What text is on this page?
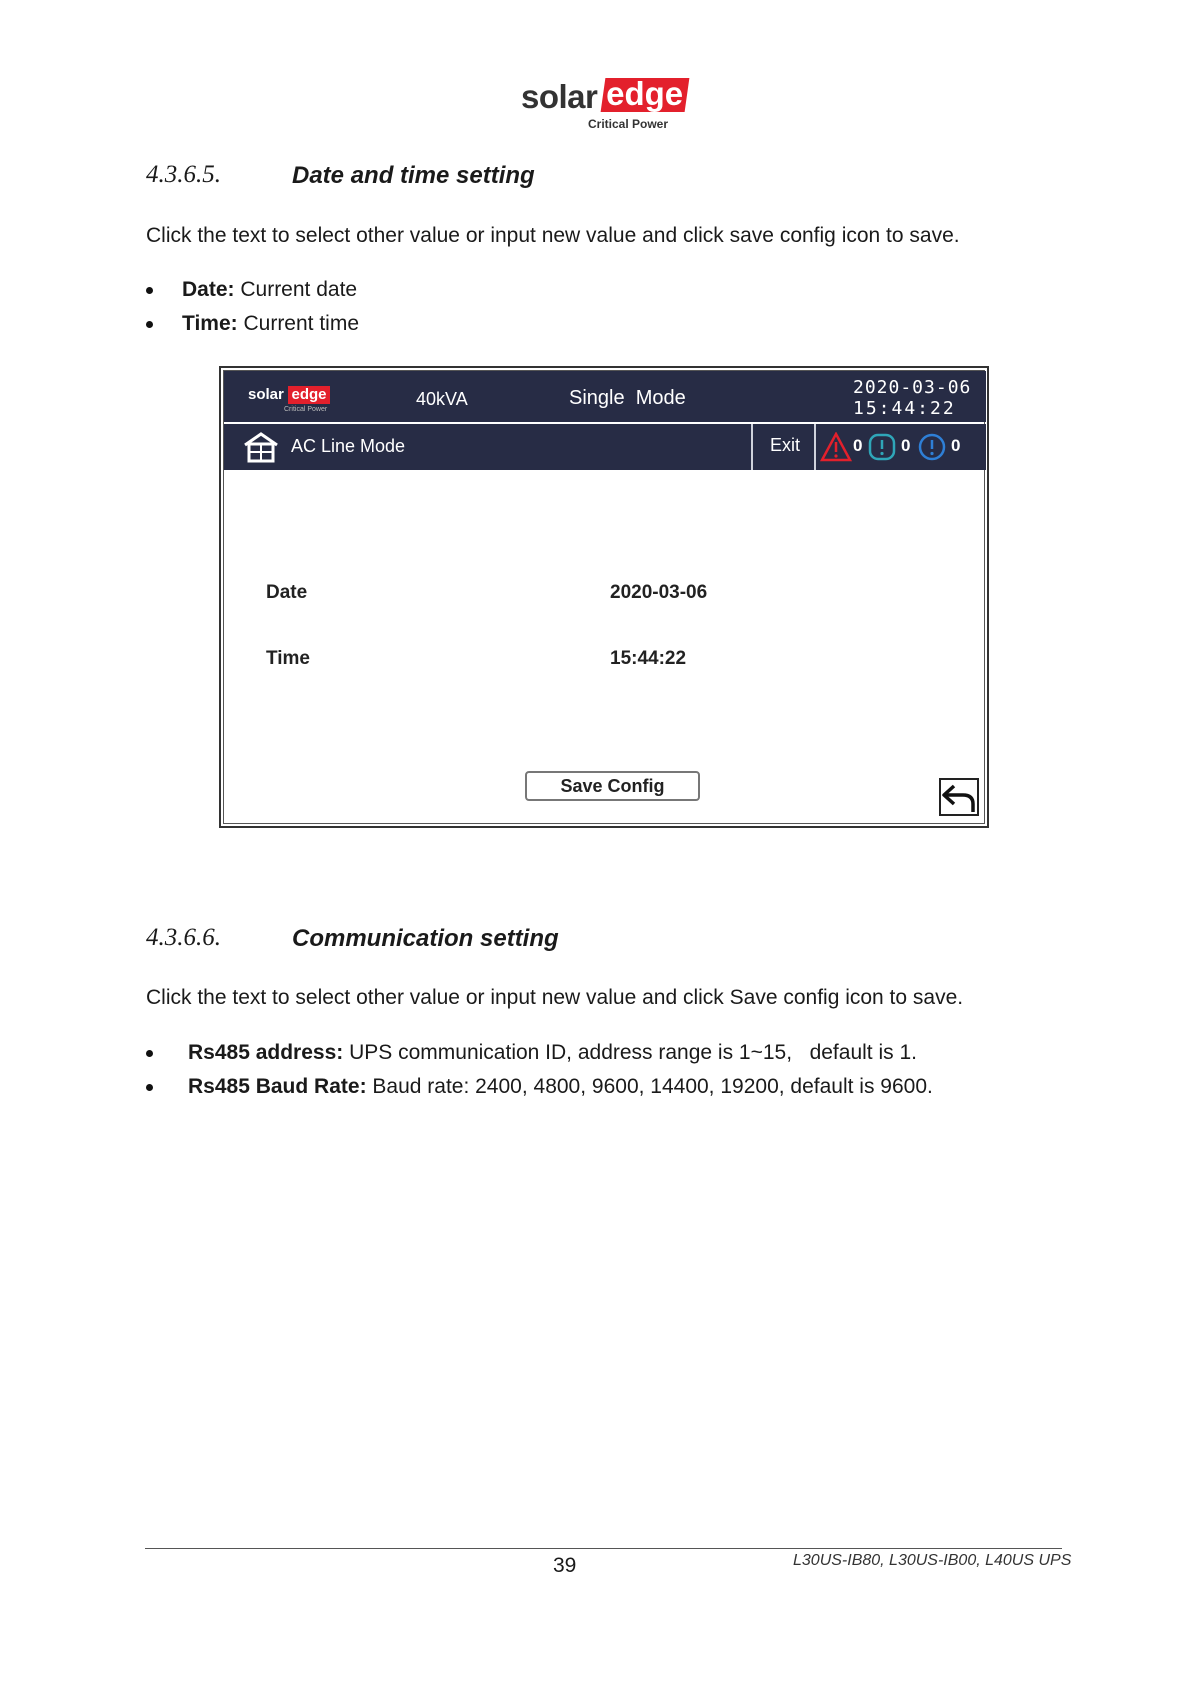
solar edge
Critical Power
4.3.6.5.	Date and time setting
Click the text to select other value or input new value and click save config icon to save.
Date: Current date
Time: Current time
solar edge
Critical Power
40kVA	Single  Mode	2020-03-06
15:44:22
AC Line Mode	Exit	0 0 0
Date	2020-03-06
Time	15:44:22
Save Config
4.3.6.6.	Communication setting
Click the text to select other value or input new value and click Save config icon to save.
Rs485 address: UPS communication ID, address range is 1~15,   default is 1.
Rs485 Baud Rate: Baud rate: 2400, 4800, 9600, 14400, 19200, default is 9600.
39	L30US-IB80, L30US-IB00, L40US UPS
